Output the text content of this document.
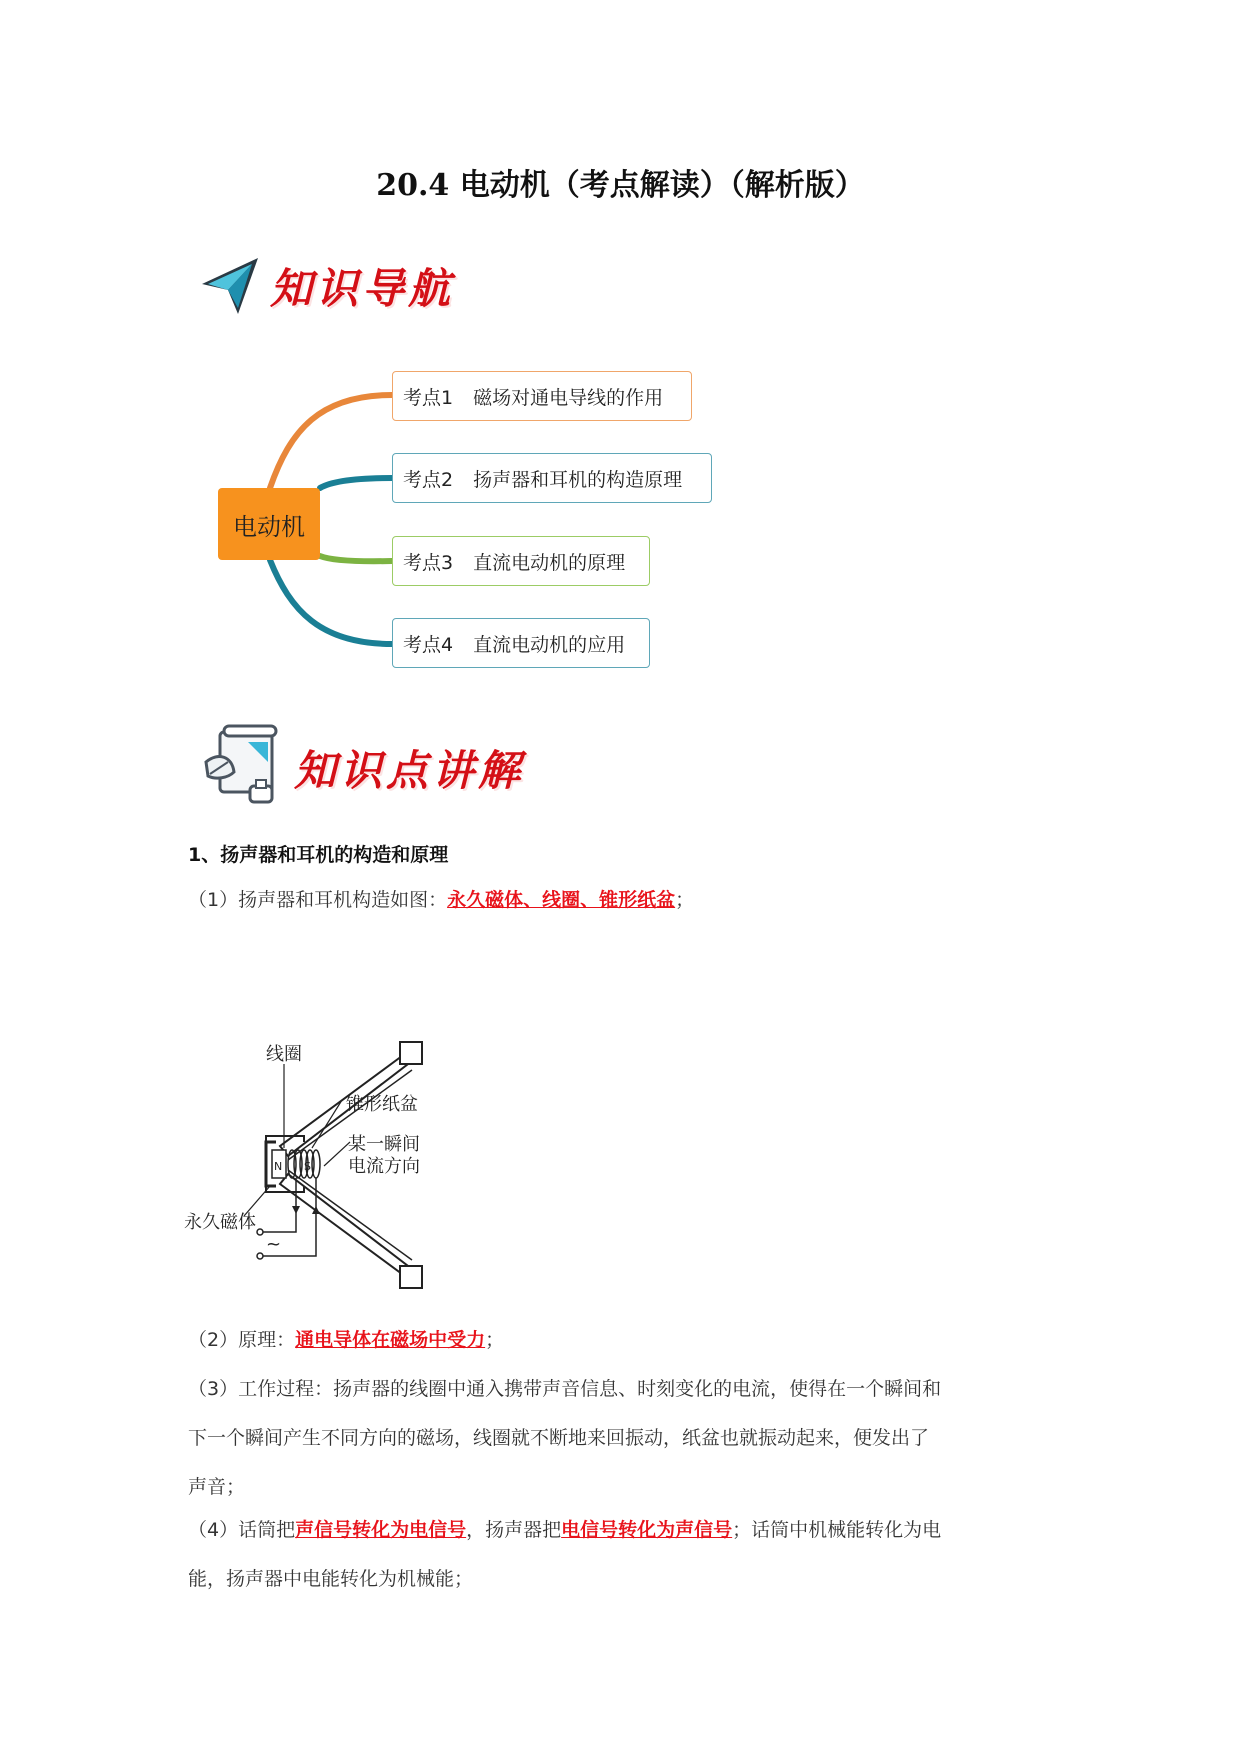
20.4 电动机（考点解读）（解析版）
知识导航
电动机
考点1 磁场对通电导线的作用
考点2 扬声器和耳机的构造原理
考点3 直流电动机的原理
考点4 直流电动机的应用
知识点讲解
1、扬声器和耳机的构造和原理
（1）扬声器和耳机构造如图：永久磁体、线圈、锥形纸盆；
N S
线圈
锥形纸盆
某一瞬间
电流方向
永久磁体
~
（2）原理：通电导体在磁场中受力；
（3）工作过程：扬声器的线圈中通入携带声音信息、时刻变化的电流，使得在一个瞬间和
下一个瞬间产生不同方向的磁场，线圈就不断地来回振动，纸盆也就振动起来，便发出了
声音；
（4）话筒把声信号转化为电信号，扬声器把电信号转化为声信号；话筒中机械能转化为电
能，扬声器中电能转化为机械能；
